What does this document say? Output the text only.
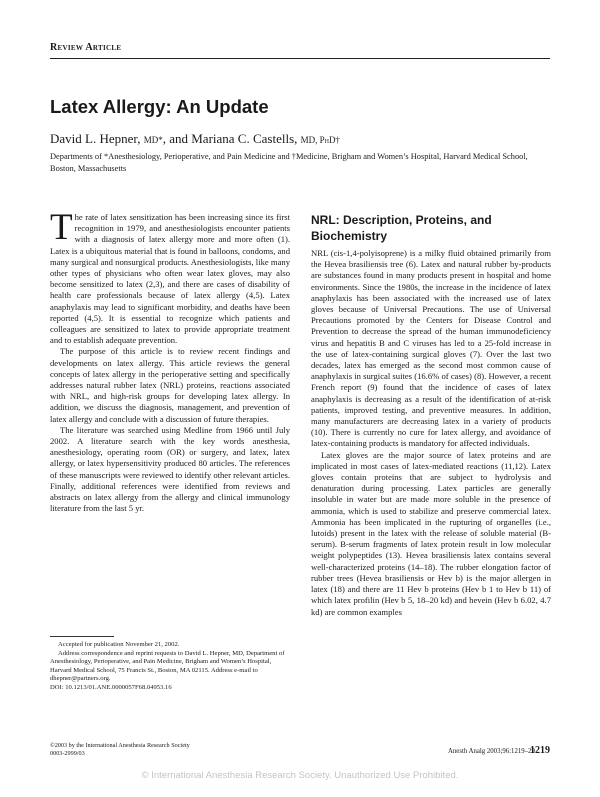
Review Article
Latex Allergy: An Update
David L. Hepner, MD*, and Mariana C. Castells, MD, PhD†
Departments of *Anesthesiology, Perioperative, and Pain Medicine and †Medicine, Brigham and Women’s Hospital, Harvard Medical School, Boston, Massachusetts

The rate of latex sensitization has been increasing since its first recognition in 1979, and anesthesiologists encounter patients with a diagnosis of latex allergy more and more often (1). Latex is a ubiquitous material that is found in balloons, condoms, and many surgical and nonsurgical products. Anesthesiologists, like many other types of physicians who often wear latex gloves, may also become sensitized to latex (2,3), and there are cases of disability of health care professionals because of latex allergy (4,5). Latex anaphylaxis may lead to significant morbidity, and deaths have been reported (4,5). It is essential to recognize which patients and colleagues are sensitized to latex to provide appropriate treatment and to establish adequate prevention.

The purpose of this article is to review recent findings and developments on latex allergy. This article reviews the general concepts of latex allergy in the perioperative setting and specifically addresses natural rubber latex (NRL) proteins, reactions associated with NRL, and high-risk groups for developing latex allergy. In addition, we discuss the diagnosis, management, and prevention of latex allergy and conclude with a discussion of future therapies.

The literature was searched using Medline from 1966 until July 2002. A literature search with the key words anesthesia, anesthesiology, operating room (OR) or surgery, and latex, latex allergy, or latex hypersensitivity produced 80 articles. The references of these manuscripts were reviewed to identify other relevant articles. Finally, additional references were identified from reviews and abstracts on latex allergy from the allergy and clinical immunology literature from the last 5 yr.

NRL: Description, Proteins, and Biochemistry

NRL (cis-1,4-polyisoprene) is a milky fluid obtained primarily from the Hevea brasiliensis tree (6). Latex and natural rubber by-products are substances found in many products present in hospital and home environments. Since the 1980s, the increase in the incidence of latex anaphylaxis has been associated with the increased use of latex gloves because of Universal Precautions. The use of Universal Precautions promoted by the Centers for Disease Control and Prevention to decrease the spread of the human immunodeficiency virus and hepatitis B and C viruses has led to a 25-fold increase in the use of latex-containing surgical gloves (7). Over the last two decades, latex has emerged as the second most common cause of anaphylaxis in surgical suites (16.6% of cases) (8). However, a recent French report (9) found that the incidence of cases of latex anaphylaxis is decreasing as a result of the identification of at-risk patients, improved testing, and preventive measures. In addition, many manufacturers are decreasing latex in a variety of products (10). There is currently no cure for latex allergy, and avoidance of latex-containing products is mandatory for affected individuals.

Latex gloves are the major source of latex proteins and are implicated in most cases of latex-mediated reactions (11,12). Latex gloves contain proteins that are subject to hydrolysis and denaturation during processing. Latex particles are generally insoluble in water but are made more soluble in the presence of ammonia, which is used to stabilize and preserve commercial latex. Ammonia has been implicated in the rupturing of organelles (i.e., lutoids) present in the latex with the release of soluble material (B-serum). B-serum fragments of latex protein result in low molecular weight polypeptides (13). Hevea brasiliensis latex contains several well-characterized proteins (14–18). The rubber elongation factor of rubber trees (Hevea brasiliensis or Hev b) is the major allergen in latex (18) and there are 11 Hev b proteins (Hev b 1 to Hev b 11) of which latex profilin (Hev b 5, 18–20 kd) and hevein (Hev b 6.02, 4.7 kd) are common examples

Accepted for publication November 21, 2002.

Address correspondence and reprint requests to David L. Hepner, MD, Department of Anesthesiology, Perioperative, and Pain Medicine, Brigham and Women’s Hospital, Harvard Medical School, 75 Francis St., Boston, MA 02115. Address e-mail to dhepner@partners.org.

DOI: 10.1213/01.ANE.0000057F68.04953.16

©2003 by the International Anesthesia Research Society
0003-2999/03	Anesth Analg 2003;96:1219–29
1219
© International Anesthesia Research Society. Unauthorized Use Prohibited.
